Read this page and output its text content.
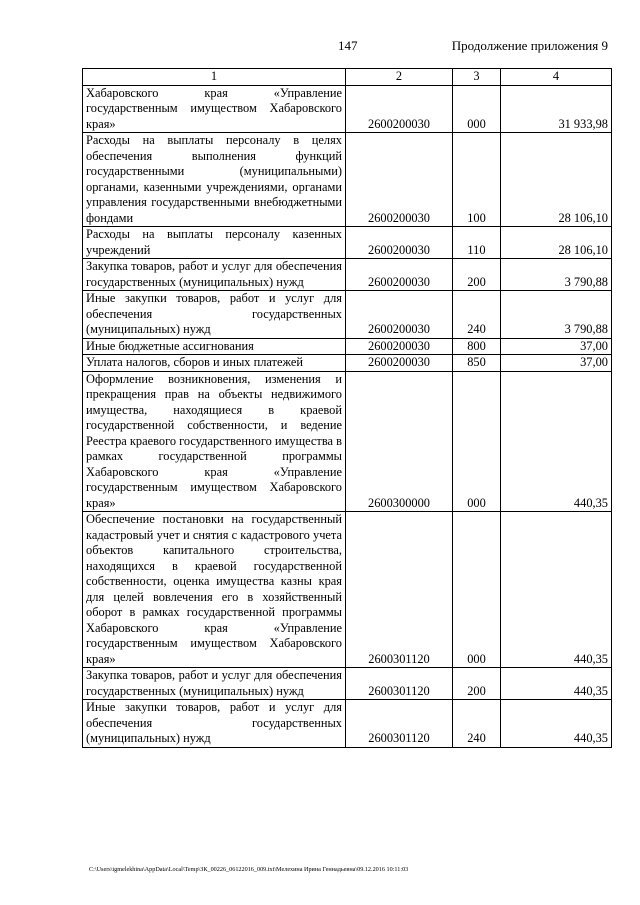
147	Продолжение приложения 9
1	2	3	4
Хабаровского края «Управление государственным имуществом Хабаровского края»	2600200030	000	31 933,98
Расходы на выплаты персоналу в целях обеспечения выполнения функций государственными (муниципальными) органами, казенными учреждениями, органами управления государственными внебюджетными фондами	2600200030	100	28 106,10
Расходы на выплаты персоналу казенных учреждений	2600200030	110	28 106,10
Закупка товаров, работ и услуг для обеспечения государственных (муниципальных) нужд	2600200030	200	3 790,88
Иные закупки товаров, работ и услуг для обеспечения государственных (муниципальных) нужд	2600200030	240	3 790,88
Иные бюджетные ассигнования	2600200030	800	37,00
Уплата налогов, сборов и иных платежей	2600200030	850	37,00
Оформление возникновения, изменения и прекращения прав на объекты недвижимого имущества, находящиеся в краевой государственной собственности, и ведение Реестра краевого государственного имущества в рамках государственной программы Хабаровского края «Управление государственным имуществом Хабаровского края»	2600300000	000	440,35
Обеспечение постановки на государственный кадастровый учет и снятия с кадастрового учета объектов капитального строительства, находящихся в краевой государственной собственности, оценка имущества казны края для целей вовлечения его в хозяйственный оборот в рамках государственной программы Хабаровского края «Управление государственным имуществом Хабаровского края»	2600301120	000	440,35
Закупка товаров, работ и услуг для обеспечения государственных (муниципальных) нужд	2600301120	200	440,35
Иные закупки товаров, работ и услуг для обеспечения государственных (муниципальных) нужд	2600301120	240	440,35
C:\Users\igmelekhina\AppData\Local\Temp\ЗК_00226_06122016_009.txt\Мелехина Ирина Геннадьевна\09.12.2016 10:11:03
